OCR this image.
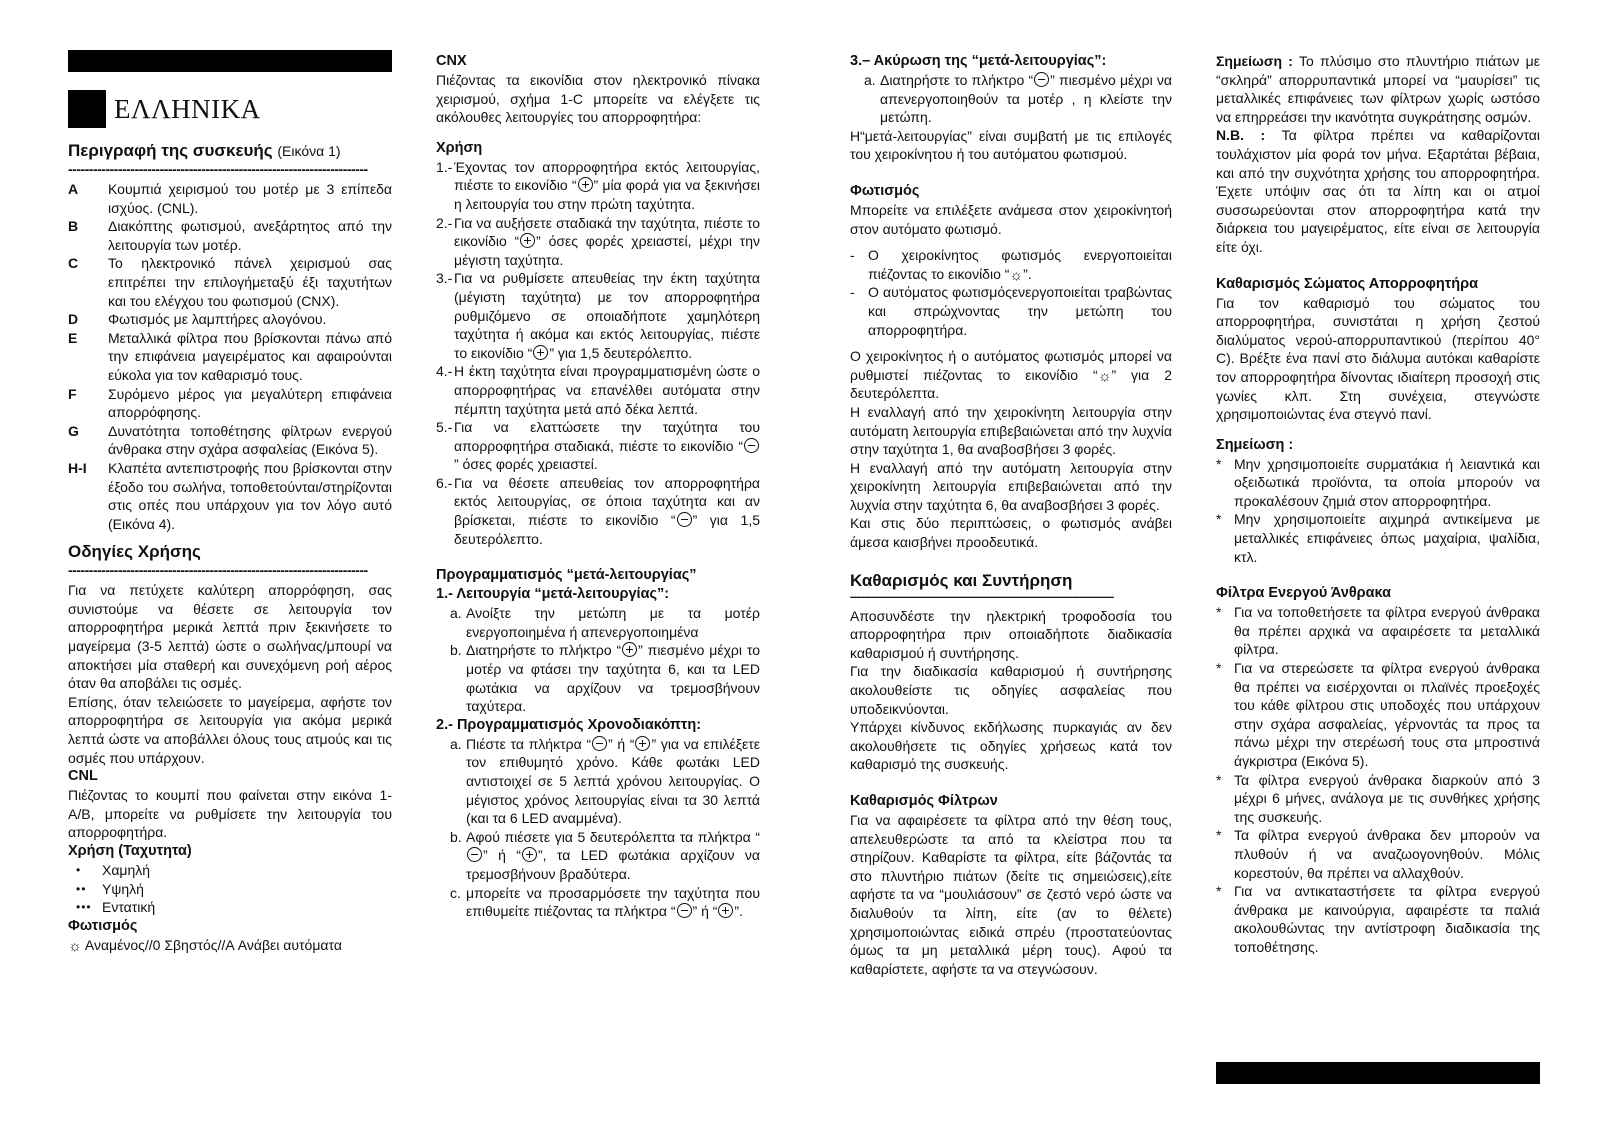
ΕΛΛΗΝΙΚΑ
Περιγραφή της συσκευής (Εικόνα 1)
------------------------------------------------------------------------
A	Κουμπιά χειρισμού του μοτέρ με 3 επίπεδα ισχύος. (CNL).
B	Διακόπτης φωτισμού, ανεξάρτητος από την λειτουργία των μοτέρ.
C	Το ηλεκτρονικό πάνελ χειρισμού σας επιτρέπει την επιλογήμεταξύ έξι ταχυτήτων και του ελέγχου του φωτισμού (CNX).
D	Φωτισμός με λαμπτήρες αλογόνου.
E	Μεταλλικά φίλτρα που βρίσκονται πάνω από την επιφάνεια μαγειρέματος και αφαιρούνται εύκολα για τον καθαρισμό τους.
F	Συρόμενο μέρος για μεγαλύτερη επιφάνεια απορρόφησης.
G	Δυνατότητα τοποθέτησης φίλτρων ενεργού άνθρακα στην σχάρα ασφαλείας (Εικόνα 5).
H-I	Κλαπέτα αντεπιστροφής που βρίσκονται στην έξοδο του σωλήνα, τοποθετούνται/στηρίζονται στις οπές που υπάρχουν για τον λόγο αυτό (Εικόνα 4).
Οδηγίες Χρήσης
------------------------------------------------------------------------

Για να πετύχετε καλύτερη απορρόφηση, σας συνιστούμε να θέσετε σε λειτουργία τον απορροφητήρα μερικά λεπτά πριν ξεκινήσετε το μαγείρεμα (3-5 λεπτά) ώστε ο σωλήνας/μπουρί να αποκτήσει μία σταθερή και συνεχόμενη ροή αέρος όταν θα αποβάλει τις οσμές.

Επίσης, όταν τελειώσετε το μαγείρεμα, αφήστε τον απορροφητήρα σε λειτουργία για ακόμα μερικά λεπτά ώστε να αποβάλλει όλους τους ατμούς και τις οσμές που υπάρχουν.

CNL

Πιέζοντας το κουμπί που φαίνεται στην εικόνα 1-A/B, μπορείτε να ρυθμίσετε την λειτουργία του απορροφητήρα.

Χρήση (Ταχυτητα)
•	Χαμηλή
••	Υψηλή
••• Εντατική
Φωτισμός
☼ Αναμένος//0 Σβηστός//A Ανάβει αυτόματα
CNX

Πιέζοντας τα εικονίδια στον ηλεκτρονικό πίνακα χειρισμού, σχήμα 1-C μπορείτε να ελέγξετε τις ακόλουθες λειτουργίες του απορροφητήρα:

Χρήση
1.- Έχοντας τον απορροφητήρα εκτός λειτουργίας, πιέστε το εικονίδιο “ ” μία φορά για να ξεκινήσει η λειτουργία του στην πρώτη ταχύτητα.
2.- Για να αυξήσετε σταδιακά την ταχύτητα, πιέστε το εικονίδιο “ ” όσες φορές χρειαστεί, μέχρι την μέγιστη ταχύτητα.
3.- Για να ρυθμίσετε απευθείας την έκτη ταχύτητα (μέγιστη ταχύτητα) με τον απορροφητήρα ρυθμιζόμενο σε οποιαδήποτε χαμηλότερη ταχύτητα ή ακόμα και εκτός λειτουργίας, πιέστε το εικονίδιο “ ” για 1,5 δευτερόλεπτο.
4.- Η έκτη ταχύτητα είναι προγραμματισμένη ώστε ο απορροφητήρας να επανέλθει αυτόματα στην πέμπτη ταχύτητα μετά από δέκα λεπτά.
5.- Για να ελαττώσετε την ταχύτητα του απορροφητήρα σταδιακά, πιέστε το εικονίδιο “” όσες φορές χρειαστεί.
6.- Για να θέσετε απευθείας τον απορροφητήρα εκτός λειτουργίας, σε όποια ταχύτητα και αν βρίσκεται, πιέστε το εικονίδιο “ ” για 1,5 δευτερόλεπτο.
Προγραμματισμός “μετά-λειτουργίας”
1.- Λειτουργία “μετά-λειτουργίας”:
a. Ανοίξτε την μετώπη με τα μοτέρ ενεργοποιημένα ή απενεργοποιημένα
b. Διατηρήστε το πλήκτρο “ ” πιεσμένο μέχρι το μοτέρ να φτάσει την ταχύτητα 6, και τα LED φωτάκια να αρχίζουν να τρεμοσβήνουν ταχύτερα.
2.- Προγραμματισμός Χρονοδιακόπτη:
a. Πιέστε τα πλήκτρα “ ” ή “ ” για να επιλέξετε τον επιθυμητό χρόνο. Κάθε φωτάκι LED αντιστοιχεί σε 5 λεπτά χρόνου λειτουργίας. Ο μέγιστος χρόνος λειτουργίας είναι τα 30 λεπτά (και τα 6 LED αναμμένα).
b. Αφού πιέσετε για 5 δευτερόλεπτα τα πλήκτρα “” ή “ ”, τα LED φωτάκια αρχίζουν να τρεμοσβήνουν βραδύτερα.
c. μπορείτε να προσαρμόσετε την ταχύτητα που επιθυμείτε πιέζοντας τα πλήκτρα “ ” ή “ ”.
3.– Ακύρωση της “μετά-λειτουργίας”:
a. Διατηρήστε το πλήκτρο “ ” πιεσμένο μέχρι να απενεργοποιηθούν τα μοτέρ , η κλείστε την μετώπη.

Η“μετά-λειτουργίας” είναι συμβατή με τις επιλογές του χειροκίνητου ή του αυτόματου φωτισμού.

Φωτισμός

Μπορείτε να επιλέξετε ανάμεσα στον χειροκίνητοή στον αυτόματο φωτισμό.

- Ο χειροκίνητος φωτισμός ενεργοποιείται πιέζοντας το εικονίδιο “☼”.
- Ο αυτόματος φωτισμόςενεργοποιείται τραβώντας και σπρώχνοντας την μετώπη του απορροφητήρα.

Ο χειροκίνητος ή ο αυτόματος φωτισμός μπορεί να ρυθμιστεί πιέζοντας το εικονίδιο “☼” για 2 δευτερόλεπτα.

Η εναλλαγή από την χειροκίνητη λειτουργία στην αυτόματη λειτουργία επιβεβαιώνεται από την λυχνία στην ταχύτητα 1, θα αναβοσβήσει 3 φορές.

Η εναλλαγή από την αυτόματη λειτουργία στην χειροκίνητη λειτουργία επιβεβαιώνεται από την λυχνία στην ταχύτητα 6, θα αναβοσβήσει 3 φορές.

Και στις δύο περιπτώσεις, ο φωτισμός ανάβει άμεσα καισβήνει προοδευτικά.

Καθαρισμός και Συντήρηση
--------------------------------------------------------------------------------------------

Αποσυνδέστε την ηλεκτρική τροφοδοσία του απορροφητήρα πριν οποιαδήποτε διαδικασία καθαρισμού ή συντήρησης.

Για την διαδικασία καθαρισμού ή συντήρησης ακολουθείστε τις οδηγίες ασφαλείας που υποδεικνύονται.

Υπάρχει κίνδυνος εκδήλωσης πυρκαγιάς αν δεν ακολουθήσετε τις οδηγίες χρήσεως κατά τον καθαρισμό της συσκευής.

Καθαρισμός Φίλτρων

Για να αφαιρέσετε τα φίλτρα από την θέση τους, απελευθερώστε τα από τα κλείστρα που τα στηρίζουν. Καθαρίστε τα φίλτρα, είτε βάζοντάς τα στο πλυντήριο πιάτων (δείτε τις σημειώσεις),είτε αφήστε τα να “μουλιάσουν” σε ζεστό νερό ώστε να διαλυθούν τα λίπη, είτε (αν το θέλετε) χρησιμοποιώντας ειδικά σπρέυ (προστατεύοντας όμως τα μη μεταλλικά μέρη τους). Αφού τα καθαρίστετε, αφήστε τα να στεγνώσουν.

Σημείωση : Το πλύσιμο στο πλυντήριο πιάτων με “σκληρά” απορρυπαντικά μπορεί να “μαυρίσει” τις μεταλλικές επιφάνειες των φίλτρων χωρίς ωστόσο να επηρρεάσει την ικανότητα συγκράτησης οσμών.

N.B. : Τα φίλτρα πρέπει να καθαρίζονται τουλάχιστον μία φορά τον μήνα. Εξαρτάται βέβαια, και από την συχνότητα χρήσης του απορροφητήρα. Έχετε υπόψιν σας ότι τα λίπη και οι ατμοί συσσωρεύονται στον απορροφητήρα κατά την διάρκεια του μαγειρέματος, είτε είναι σε λειτουργία είτε όχι.

Καθαρισμός Σώματος Απορροφητήρα

Για τον καθαρισμό του σώματος του απορροφητήρα, συνιστάται η χρήση ζεστού διαλύματος νερού-απορρυπαντικού (περίπου 40° C). Βρέξτε ένα πανί στο διάλυμα αυτόκαι καθαρίστε τον απορροφητήρα δίνοντας ιδιαίτερη προσοχή στις γωνίες κλπ. Στη συνέχεια, στεγνώστε χρησιμοποιώντας ένα στεγνό πανί.

Σημείωση :
* Μην χρησιμοποιείτε συρματάκια ή λειαντικά και οξειδωτικά προϊόντα, τα οποία μπορούν να προκαλέσουν ζημιά στον απορροφητήρα.
* Μην χρησιμοποιείτε αιχμηρά αντικείμενα με μεταλλικές επιφάνειες όπως μαχαίρια, ψαλίδια, κτλ.
Φίλτρα Ενεργού Άνθρακα
* Για να τοποθετήσετε τα φίλτρα ενεργού άνθρακα θα πρέπει αρχικά να αφαιρέσετε τα μεταλλικά φίλτρα.
* Για να στερεώσετε τα φίλτρα ενεργού άνθρακα θα πρέπει να εισέρχονται οι πλαϊνές προεξοχές του κάθε φίλτρου στις υποδοχές που υπάρχουν στην σχάρα ασφαλείας, γέρνοντάς τα προς τα πάνω μέχρι την στερέωσή τους στα μπροστινά άγκριστρα (Εικόνα 5).
* Τα φίλτρα ενεργού άνθρακα διαρκούν από 3 μέχρι 6 μήνες, ανάλογα με τις συνθήκες χρήσης της συσκευής.
* Τα φίλτρα ενεργού άνθρακα δεν μπορούν να πλυθούν ή να αναζωογονηθούν. Μόλις κορεστούν, θα πρέπει να αλλαχθούν.
* Για να αντικαταστήσετε τα φίλτρα ενεργού άνθρακα με καινούργια, αφαιρέστε τα παλιά ακολουθώντας την αντίστροφη διαδικασία της τοποθέτησης.
